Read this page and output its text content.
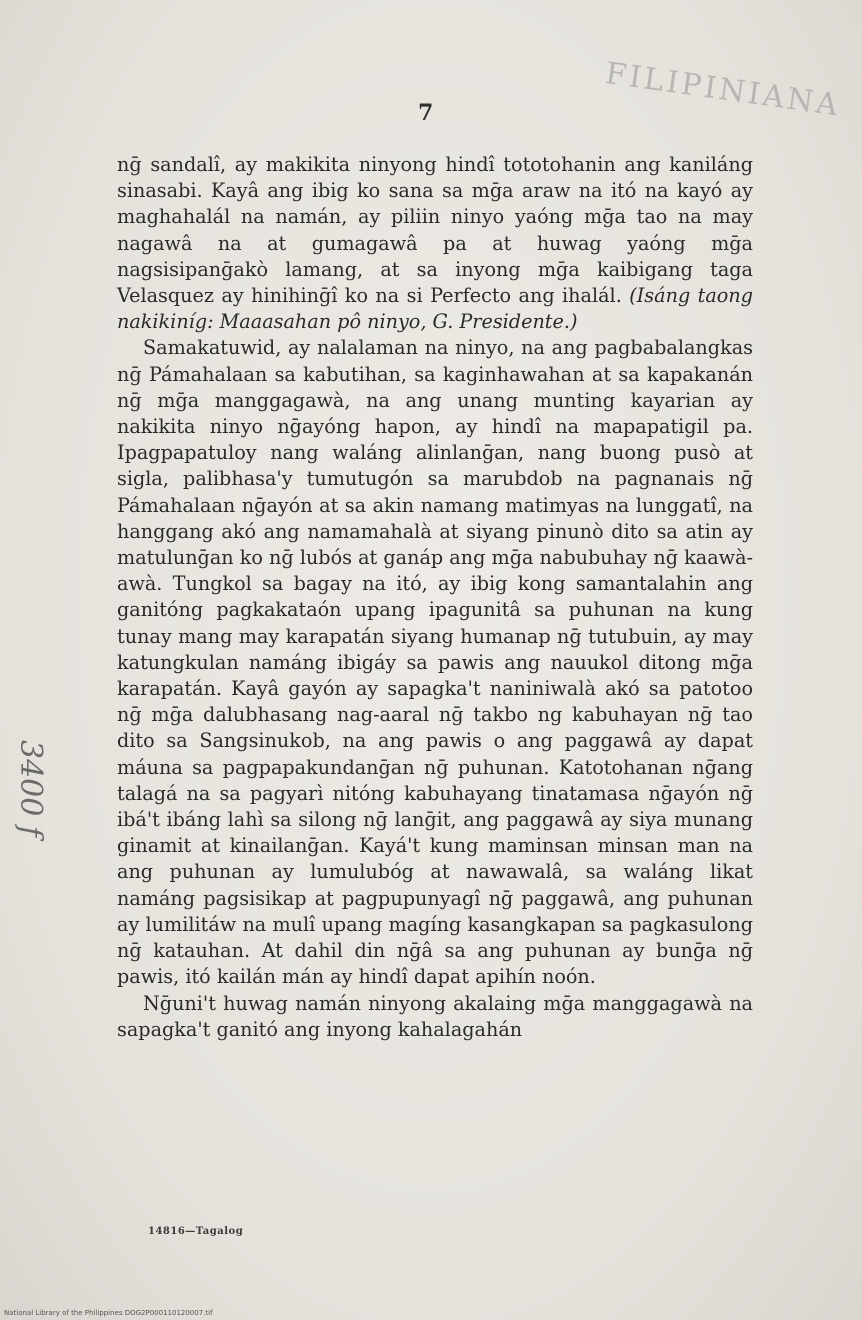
FILIPINIANA
7
3400 f

nḡ sandalî, ay makikita ninyong hindî tototohanin ang kaniláng sinasabi. Kayâ ang ibig ko sana sa mḡa araw na itó na kayó ay maghahalál na namán, ay piliin ninyo yaóng mḡa tao na may nagawâ na at gumagawâ pa at huwag yaóng mḡa nagsisipanḡakò lamang, at sa inyong mḡa kaibigang taga Velasquez ay hinihinḡî ko na si Perfecto ang ihalál. (Isáng taong nakikiníg: Maaasahan pô ninyo, G. Presidente.)

Samakatuwid, ay nalalaman na ninyo, na ang pagbabalangkas nḡ Pámahalaan sa kabutihan, sa kaginhawahan at sa kapakanán nḡ mḡa manggagawà, na ang unang munting kayarian ay nakikita ninyo nḡayóng hapon, ay hindî na mapapatigil pa. Ipagpapatuloy nang waláng alinlanḡan, nang buong pusò at sigla, palibhasa'y tumutugón sa marubdob na pagnanais nḡ Pámahalaan nḡayón at sa akin namang matimyas na lunggatî, na hanggang akó ang namamahalà at siyang pinunò dito sa atin ay matulunḡan ko nḡ lubós at ganáp ang mḡa nabubuhay nḡ kaawà-awà. Tungkol sa bagay na itó, ay ibig kong samantalahin ang ganitóng pagkakataón upang ipagunitâ sa puhunan na kung tunay mang may karapatán siyang humanap nḡ tutubuin, ay may katungkulan namáng ibigáy sa pawis ang nauukol ditong mḡa karapatán. Kayâ gayón ay sapagka't naniniwalà akó sa patotoo nḡ mḡa dalubhasang nag-aaral nḡ takbo ng kabuhayan nḡ tao dito sa Sangsinukob, na ang pawis o ang paggawâ ay dapat máuna sa pagpapakundanḡan nḡ puhunan. Katotohanan nḡang talagá na sa pagyarì nitóng kabuhayang tinatamasa nḡayón nḡ ibá't ibáng lahì sa silong nḡ lanḡit, ang paggawâ ay siya munang ginamit at kinailanḡan. Kayá't kung maminsan minsan man na ang puhunan ay lumulubóg at nawawalâ, sa waláng likat namáng pagsisikap at pagpupunyagî nḡ paggawâ, ang puhunan ay lumilitáw na mulî upang magíng kasangkapan sa pagkasulong nḡ katauhan. At dahil din nḡâ sa ang puhunan ay bunḡa nḡ pawis, itó kailán mán ay hindî dapat apihín noón.

Nḡuni't huwag namán ninyong akalaing mḡa manggagawà na sapagka't ganitó ang inyong kahalagahán

14816—Tagalog
National Library of the Philippines DOG2P000110120007.tif
